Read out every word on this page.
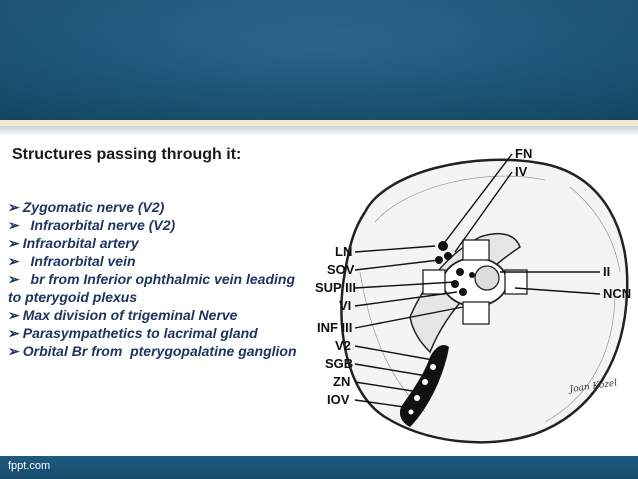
Structures passing through it:
➢ Zygomatic nerve (V2)
➢  Infraorbital nerve (V2)
➢ Infraorbital artery
➢  Infraorbital vein
➢  br from Inferior ophthalmic vein leading to pterygoid plexus
➢ Max division of trigeminal Nerve
➢ Parasympathetics to lacrimal gland
➢ Orbital Br from  pterygopalatine ganglion
FN
IV
II
NCN
LN
SOV
SUP III
VI
INF III
V2
SGB
ZN
IOV
Joan Kozel
fppt.com
